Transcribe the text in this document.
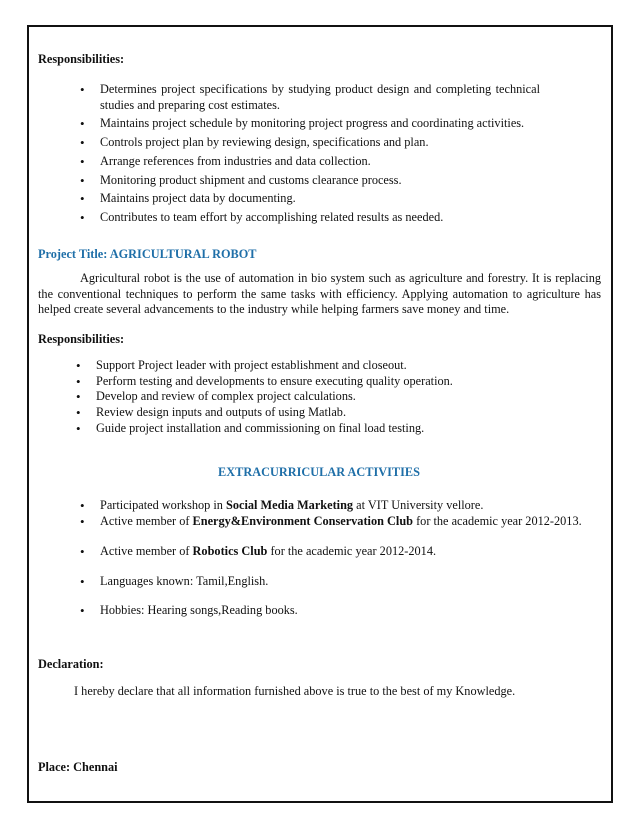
Responsibilities:
• Determines project specifications by studying product design and completing technical studies and preparing cost estimates.
• Maintains project schedule by monitoring project progress and coordinating activities.
• Controls project plan by reviewing design, specifications and plan.
• Arrange references from industries and data collection.
• Monitoring product shipment and customs clearance process.
• Maintains project data by documenting.
• Contributes to team effort by accomplishing related results as needed.
Project Title: AGRICULTURAL ROBOT
Agricultural robot is the use of automation in bio system such as agriculture and forestry. It is replacing the conventional techniques to perform the same tasks with efficiency. Applying automation to agriculture has helped create several advancements to the industry while helping farmers save money and time.
Responsibilities:
• Support Project leader with project establishment and closeout.
• Perform testing and developments to ensure executing quality operation.
• Develop and review of complex project calculations.
• Review design inputs and outputs of using Matlab.
• Guide project installation and commissioning on final load testing.
EXTRACURRICULAR ACTIVITIES
• Participated workshop in Social Media Marketing at VIT University vellore.
• Active member of Energy&Environment Conservation Club for the academic year 2012-2013.
• Active member of Robotics Club for the academic year 2012-2014.
• Languages known: Tamil,English.
• Hobbies: Hearing songs,Reading books.
Declaration:
I hereby declare that all information furnished above is true to the best of my Knowledge.
Place: Chennai
